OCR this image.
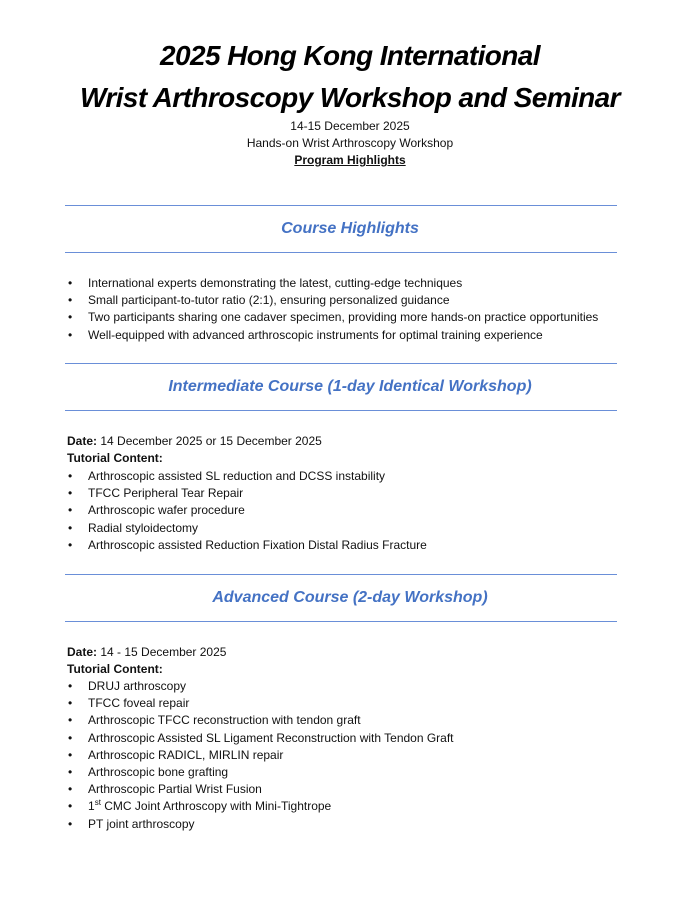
2025 Hong Kong International
Wrist Arthroscopy Workshop and Seminar
14-15 December 2025
Hands-on Wrist Arthroscopy Workshop
Program Highlights
Course Highlights
• International experts demonstrating the latest, cutting-edge techniques
• Small participant-to-tutor ratio (2:1), ensuring personalized guidance
• Two participants sharing one cadaver specimen, providing more hands-on practice opportunities
• Well-equipped with advanced arthroscopic instruments for optimal training experience
Intermediate Course (1-day Identical Workshop)
Date: 14 December 2025 or 15 December 2025
Tutorial Content:
• Arthroscopic assisted SL reduction and DCSS instability
• TFCC Peripheral Tear Repair
• Arthroscopic wafer procedure
• Radial styloidectomy
• Arthroscopic assisted Reduction Fixation Distal Radius Fracture
Advanced Course (2-day Workshop)
Date: 14 - 15 December 2025
Tutorial Content:
• DRUJ arthroscopy
• TFCC foveal repair
• Arthroscopic TFCC reconstruction with tendon graft
• Arthroscopic Assisted SL Ligament Reconstruction with Tendon Graft
• Arthroscopic RADICL, MIRLIN repair
• Arthroscopic bone grafting
• Arthroscopic Partial Wrist Fusion
• 1st CMC Joint Arthroscopy with Mini-Tightrope
• PT joint arthroscopy
